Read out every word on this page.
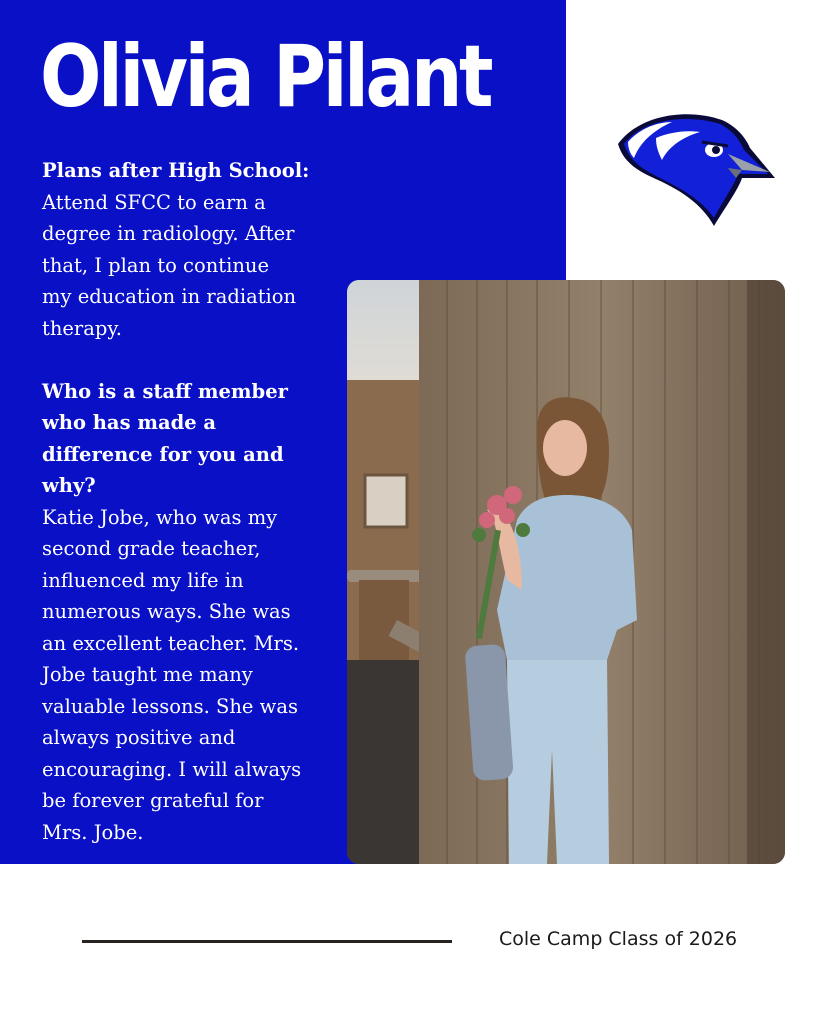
Olivia Pilant
Plans after High School:
Attend SFCC to earn a
degree in radiology. After
that, I plan to continue
my education in radiation
therapy.
Who is a staff member
who has made a
difference for you and
why?
Katie Jobe, who was my
second grade teacher,
influenced my life in
numerous ways. She was
an excellent teacher. Mrs.
Jobe taught me many
valuable lessons. She was
always positive and
encouraging. I will always
be forever grateful for
Mrs. Jobe.
Cole Camp Class of 2026
